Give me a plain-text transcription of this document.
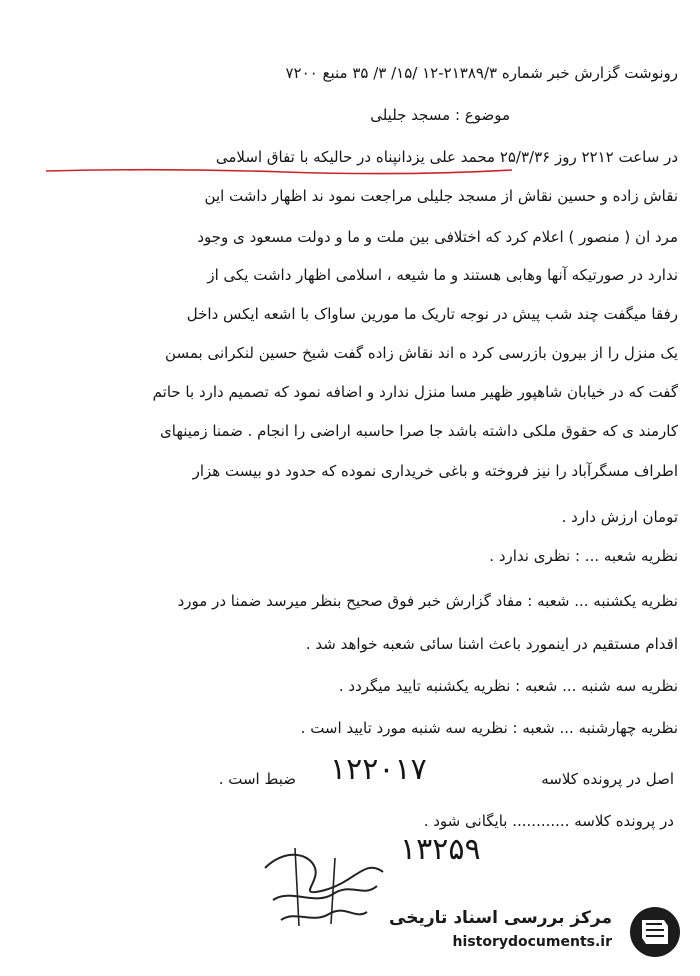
رونوشت گزارش خبر شماره ۲۱۳۸۹/۳-۱۲ /۱۵/ ۳/ ۳۵ منبع ۷۲۰۰
موضوع : مسجد جلیلی
در ساعت ۲۲۱۲ روز ۲۵/۳/۳۶ محمد علی یزدانپناه در حالیکه با تفاق اسلامی
نقاش زاده و حسین نقاش از مسجد جلیلی مراجعت نمود ند اظهار داشت این
مرد ان ( منصور ) اعلام کرد که اختلافی بین ملت و ما و دولت مسعود ی وجود
ندارد در صورتیکه آنها وهابی هستند و ما شیعه ، اسلامی اظهار داشت یکی از
رفقا میگفت چند شب پیش در نوجه تاریک ما مورین ساواک با اشعه ایکس داخل
یک منزل را از بیرون بازرسی کرد ه اند نقاش زاده گفت شیخ حسین لنکرانی بمسن
گفت که در خیابان شاهپور ظهیر مسا منزل ندارد و اضافه نمود که تصمیم دارد با حاتم
کارمند ی که حقوق ملکی داشته باشد جا صرا حاسبه اراضی را انجام . ضمنا زمینهای
اطراف مسگرآباد را نیز فروخته و باغی خریداری نموده که حدود دو بیست هزار
تومان ارزش دارد .
نظریه شعبه ... : نظری ندارد .
نظریه یکشنبه ... شعبه : مفاد گزارش خبر فوق صحیح بنظر میرسد ضمنا در مورد
اقدام مستقیم در اینمورد باعث اشنا سائی شعبه خواهد شد .
نظریه سه شنبه ... شعبه : نظریه یکشنبه تایید میگردد .
نظریه چهارشنبه ... شعبه : نظریه سه شنبه مورد تایید است .
اصل در پرونده کلاسه
۱۲۲۰۱۷
ضبط است .
در پرونده کلاسه ............ بایگانی شود .
۱۳۲۵۹
مرکز بررسی اسناد تاریخی
historydocuments.ir
